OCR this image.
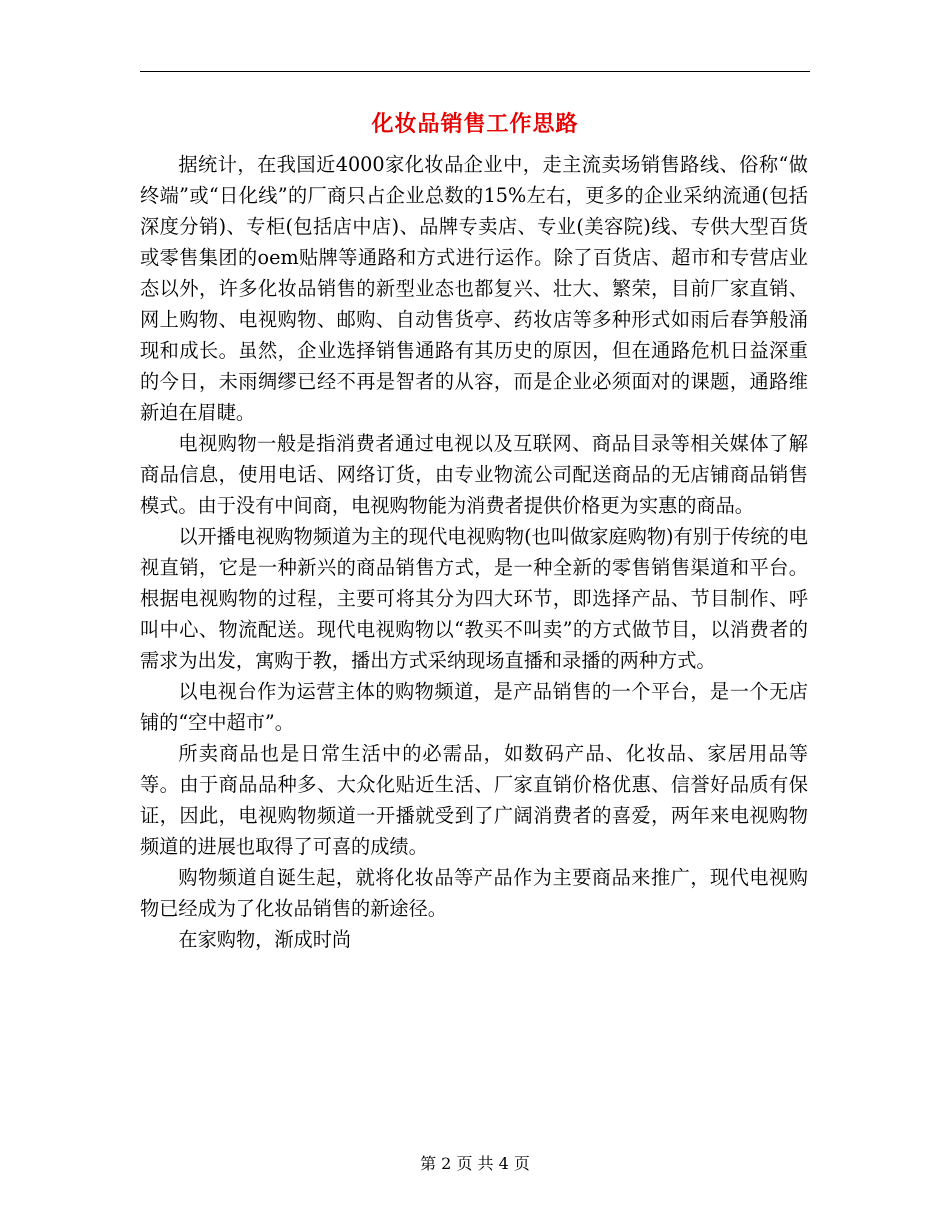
化妆品销售工作思路

据统计，在我国近4000家化妆品企业中，走主流卖场销售路线、俗称“做终端”或“日化线”的厂商只占企业总数的15%左右，更多的企业采纳流通(包括深度分销)、专柜(包括店中店)、品牌专卖店、专业(美容院)线、专供大型百货或零售集团的oem贴牌等通路和方式进行运作。除了百货店、超市和专营店业态以外，许多化妆品销售的新型业态也都复兴、壮大、繁荣，目前厂家直销、网上购物、电视购物、邮购、自动售货亭、药妆店等多种形式如雨后春笋般涌现和成长。虽然，企业选择销售通路有其历史的原因，但在通路危机日益深重的今日，未雨绸缪已经不再是智者的从容，而是企业必须面对的课题，通路维新迫在眉睫。

电视购物一般是指消费者通过电视以及互联网、商品目录等相关媒体了解商品信息，使用电话、网络订货，由专业物流公司配送商品的无店铺商品销售模式。由于没有中间商，电视购物能为消费者提供价格更为实惠的商品。

以开播电视购物频道为主的现代电视购物(也叫做家庭购物)有别于传统的电视直销，它是一种新兴的商品销售方式，是一种全新的零售销售渠道和平台。根据电视购物的过程，主要可将其分为四大环节，即选择产品、节目制作、呼叫中心、物流配送。现代电视购物以“教买不叫卖”的方式做节目，以消费者的需求为出发，寓购于教，播出方式采纳现场直播和录播的两种方式。

以电视台作为运营主体的购物频道，是产品销售的一个平台，是一个无店铺的“空中超市”。

所卖商品也是日常生活中的必需品，如数码产品、化妆品、家居用品等等。由于商品品种多、大众化贴近生活、厂家直销价格优惠、信誉好品质有保证，因此，电视购物频道一开播就受到了广阔消费者的喜爱，两年来电视购物频道的进展也取得了可喜的成绩。

购物频道自诞生起，就将化妆品等产品作为主要商品来推广，现代电视购物已经成为了化妆品销售的新途径。

在家购物，渐成时尚

第 2 页 共 4 页
